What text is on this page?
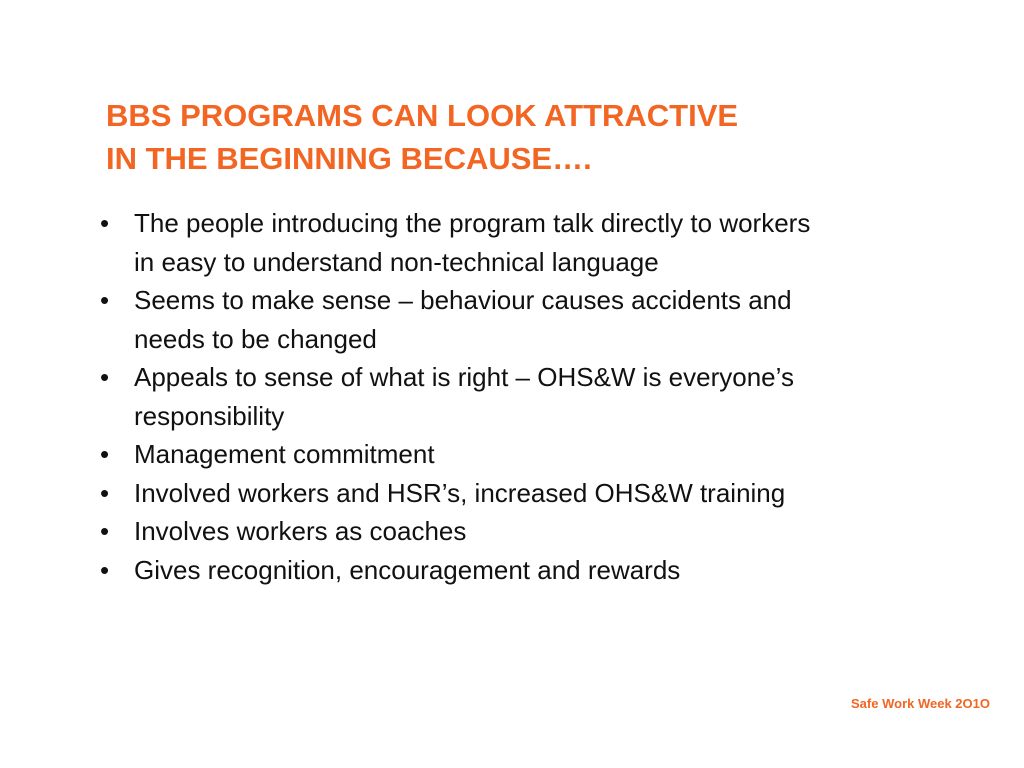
BBS PROGRAMS CAN LOOK ATTRACTIVE
IN THE BEGINNING BECAUSE….
• The people introducing the program talk directly to workers in easy to understand non-technical language
• Seems to make sense – behaviour causes accidents and needs to be changed
• Appeals to sense of what is right – OHS&W is everyone’s responsibility
• Management commitment
• Involved workers and HSR’s, increased OHS&W training
• Involves workers as coaches
• Gives recognition, encouragement and rewards
Safe Work Week 2O1O
